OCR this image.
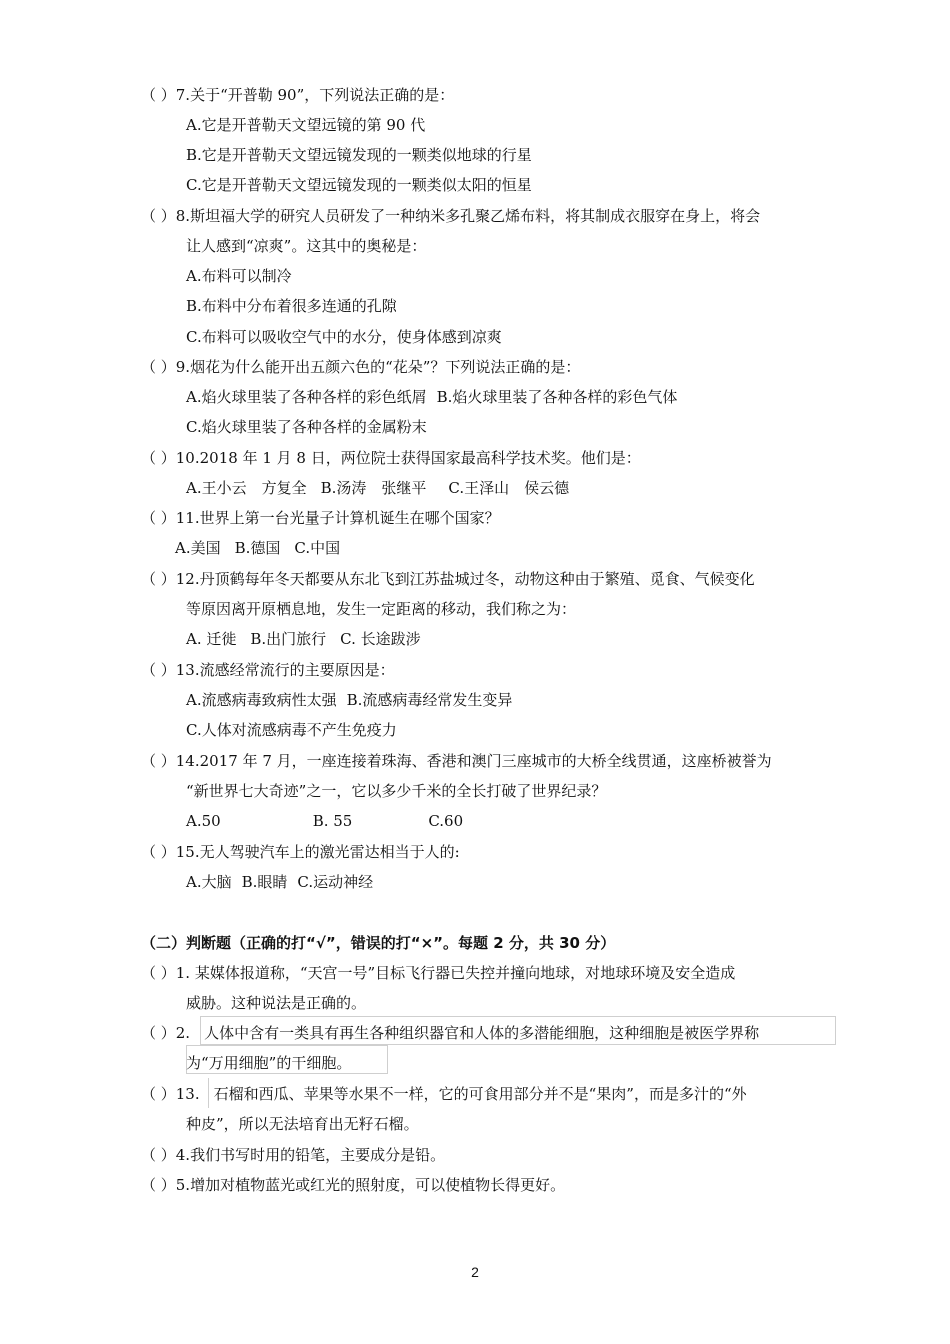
（ ）7.关于“开普勒 90”，下列说法正确的是：
A.它是开普勒天文望远镜的第 90 代
B.它是开普勒天文望远镜发现的一颗类似地球的行星
C.它是开普勒天文望远镜发现的一颗类似太阳的恒星
（ ）8.斯坦福大学的研究人员研发了一种纳米多孔聚乙烯布料，将其制成衣服穿在身上，将会
让人感到“凉爽”。这其中的奥秘是：
A.布料可以制冷
B.布料中分布着很多连通的孔隙
C.布料可以吸收空气中的水分，使身体感到凉爽
（ ）9.烟花为什么能开出五颜六色的“花朵”？下列说法正确的是：
A.焰火球里装了各种各样的彩色纸屑 B.焰火球里装了各种各样的彩色气体
C.焰火球里装了各种各样的金属粉末
（ ）10.2018 年 1 月 8 日，两位院士获得国家最高科学技术奖。他们是：
A.王小云　方复全 B.汤涛　张继平 C.王泽山　侯云德
（ ）11.世界上第一台光量子计算机诞生在哪个国家？
A.美国 B.德国 C.中国
（ ）12.丹顶鹤每年冬天都要从东北飞到江苏盐城过冬，动物这种由于繁殖、觅食、气候变化
等原因离开原栖息地，发生一定距离的移动，我们称之为：
A. 迁徙 B.出门旅行 C. 长途跋涉
（ ）13.流感经常流行的主要原因是：
A.流感病毒致病性太强 B.流感病毒经常发生变异
C.人体对流感病毒不产生免疫力
（ ）14.2017 年 7 月，一座连接着珠海、香港和澳门三座城市的大桥全线贯通，这座桥被誉为
“新世界七大奇迹”之一，它以多少千米的全长打破了世界纪录？
A.50	B. 55	C.60
（ ）15.无人驾驶汽车上的激光雷达相当于人的:
A.大脑 B.眼睛 C.运动神经
（二）判断题（正确的打“√”，错误的打“×”。每题 2 分，共 30 分）
（ ）1. 某媒体报道称，“天宫一号”目标飞行器已失控并撞向地球，对地球环境及安全造成
威胁。这种说法是正确的。
（ ）2. 人体中含有一类具有再生各种组织器官和人体的多潜能细胞，这种细胞是被医学界称
为“万用细胞”的干细胞。
（ ）13. 石榴和西瓜、苹果等水果不一样，它的可食用部分并不是“果肉”，而是多汁的“外
种皮”，所以无法培育出无籽石榴。
（ ）4.我们书写时用的铅笔，主要成分是铅。
（ ）5.增加对植物蓝光或红光的照射度，可以使植物长得更好。
2
